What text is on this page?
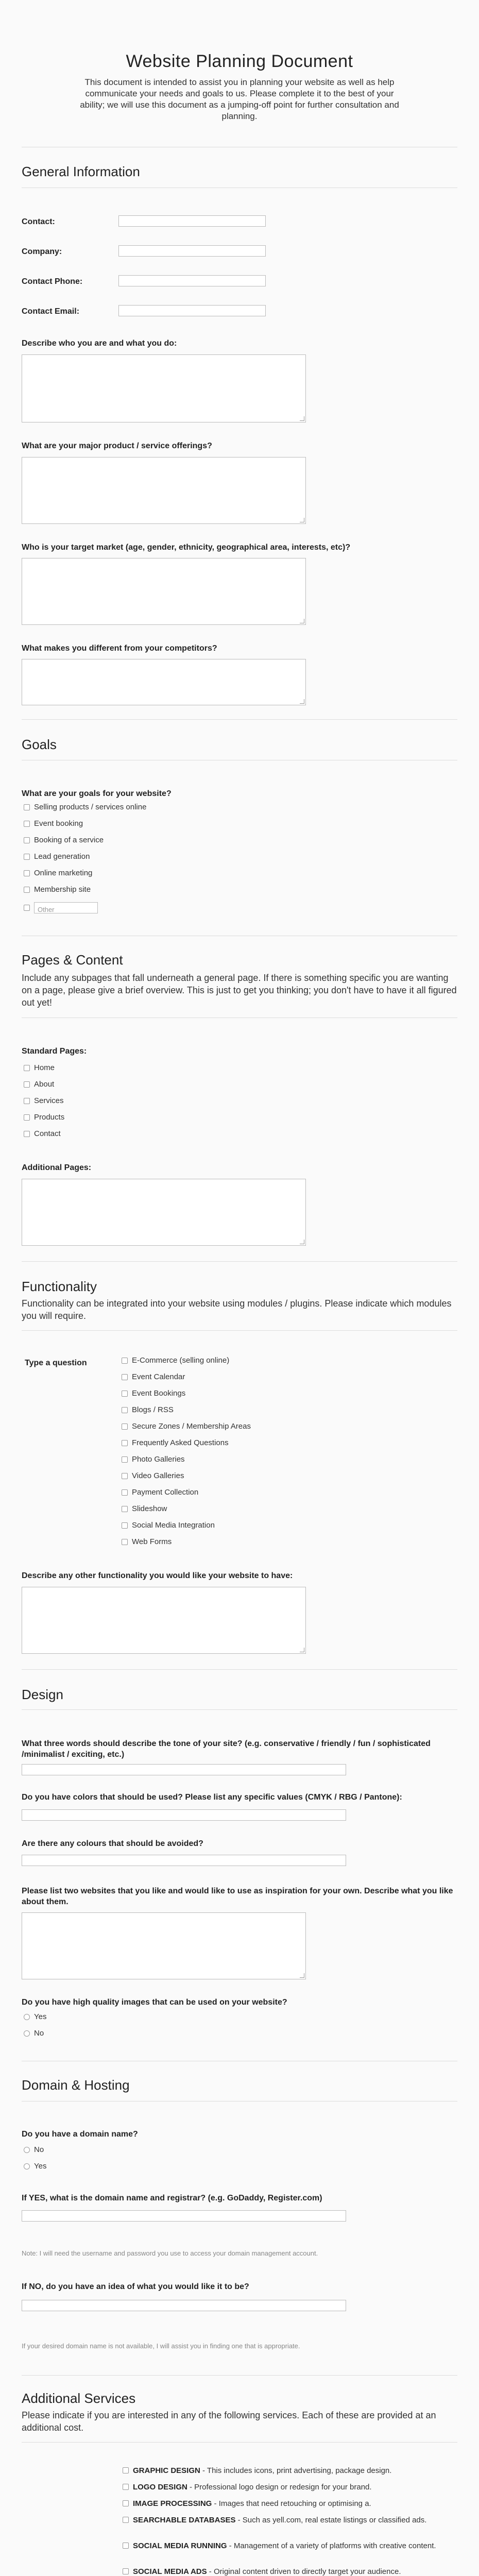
Website Planning Document
This document is intended to assist you in planning your website as well as help communicate your needs and goals to us. Please complete it to the best of your ability; we will use this document as a jumping-off point for further consultation and planning.
General Information
Contact:
Company:
Contact Phone:
Contact Email:
Describe who you are and what you do:
What are your major product / service offerings?
Who is your target market (age, gender, ethnicity, geographical area, interests, etc)?
What makes you different from your competitors?
Goals
What are your goals for your website?
Selling products / services online
Event booking
Booking of a service
Lead generation
Online marketing
Membership site
Other
Pages & Content
Include any subpages that fall underneath a general page. If there is something specific you are wanting on a page, please give a brief overview. This is just to get you thinking; you don't have to have it all figured out yet!
Standard Pages:
Home
About
Services
Products
Contact
Additional Pages:
Functionality
Functionality can be integrated into your website using modules / plugins. Please indicate which modules you will require.
Type a question	E-Commerce (selling online)
Event Calendar
Event Bookings
Blogs / RSS
Secure Zones / Membership Areas
Frequently Asked Questions
Photo Galleries
Video Galleries
Payment Collection
Slideshow
Social Media Integration
Web Forms
Describe any other functionality you would like your website to have:
Design
What three words should describe the tone of your site? (e.g. conservative / friendly / fun / sophisticated /minimalist / exciting, etc.)
Do you have colors that should be used? Please list any specific values (CMYK / RBG / Pantone):
Are there any colours that should be avoided?
Please list two websites that you like and would like to use as inspiration for your own. Describe what you like about them.
Do you have high quality images that can be used on your website?
Yes
No
Domain & Hosting
Do you have a domain name?
No
Yes
If YES, what is the domain name and registrar? (e.g. GoDaddy, Register.com)
Note: I will need the username and password you use to access your domain management account.
If NO, do you have an idea of what you would like it to be?
If your desired domain name is not available, I will assist you in finding one that is appropriate.
Additional Services
Please indicate if you are interested in any of the following services. Each of these are provided at an additional cost.
GRAPHIC DESIGN - This includes icons, print advertising, package design.
LOGO DESIGN - Professional logo design or redesign for your brand.
IMAGE PROCESSING - Images that need retouching or optimising a.
SEARCHABLE DATABASES - Such as yell.com, real estate listings or classified ads.
SOCIAL MEDIA RUNNING - Management of a variety of platforms with creative content.
SOCIAL MEDIA ADS - Original content driven to directly target your audience.
